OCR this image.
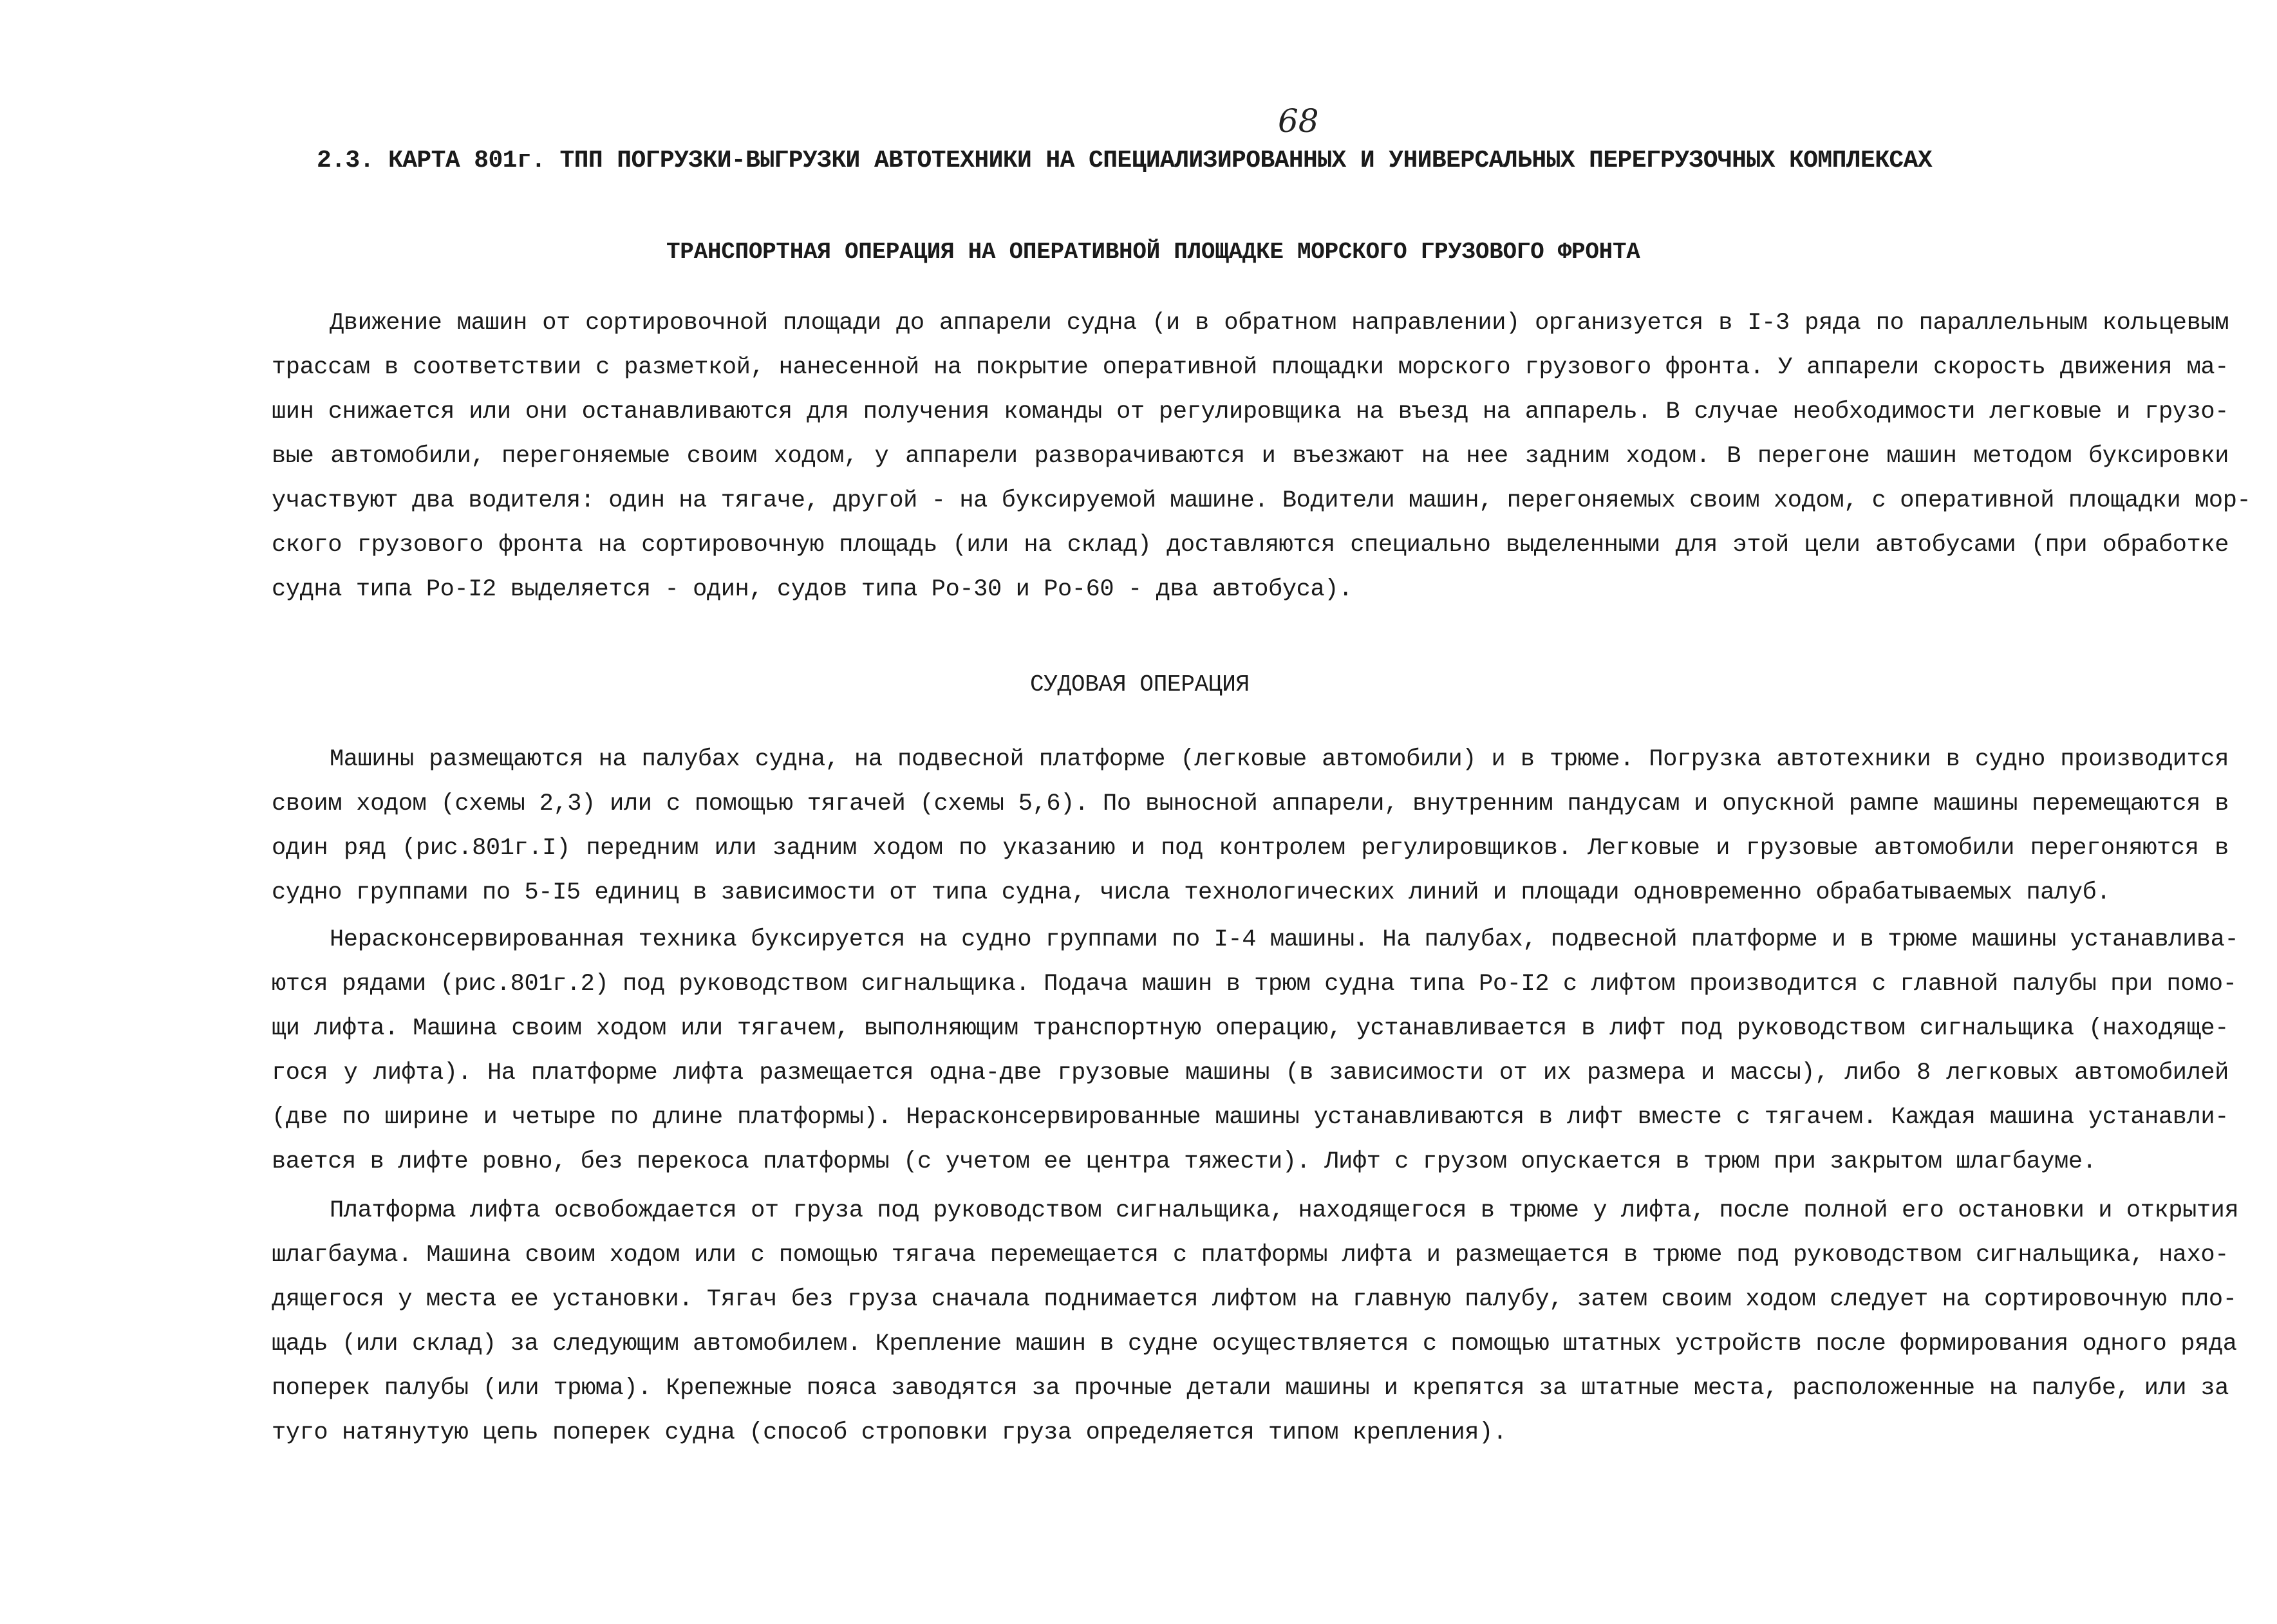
68
2.3. КАРТА 801г. ТПП ПОГРУЗКИ-ВЫГРУЗКИ АВТОТЕХНИКИ НА СПЕЦИАЛИЗИРОВАННЫХ И УНИВЕРСАЛЬНЫХ ПЕРЕГРУЗОЧНЫХ КОМПЛЕКСАХ
ТРАНСПОРТНАЯ ОПЕРАЦИЯ НА ОПЕРАТИВНОЙ ПЛОЩАДКЕ МОРСКОГО ГРУЗОВОГО ФРОНТА
Движение машин от сортировочной площади до аппарели судна (и в обратном направлении) организуется в I-3 ряда по параллельным кольцевым
трассам в соответствии с разметкой, нанесенной на покрытие оперативной площадки морского грузового фронта. У аппарели скорость движения ма-
шин снижается или они останавливаются для получения команды от регулировщика на въезд на аппарель. В случае необходимости легковые и грузо-
вые автомобили, перегоняемые своим ходом, у аппарели разворачиваются и въезжают на нее задним ходом. В перегоне машин методом буксировки
участвуют два водителя: один на тягаче, другой - на буксируемой машине. Водители машин, перегоняемых своим ходом, с оперативной площадки мор-
ского грузового фронта на сортировочную площадь (или на склад) доставляются специально выделенными для этой цели автобусами (при обработке
судна типа Ро-I2 выделяется - один, судов типа Ро-30 и Ро-60 - два автобуса).
СУДОВАЯ ОПЕРАЦИЯ
Машины размещаются на палубах судна, на подвесной платформе (легковые автомобили) и в трюме. Погрузка автотехники в судно производится
своим ходом (схемы 2,3) или с помощью тягачей (схемы 5,6). По выносной аппарели, внутренним пандусам и опускной рампе машины перемещаются в
один ряд (рис.801г.I) передним или задним ходом по указанию и под контролем регулировщиков. Легковые и грузовые автомобили перегоняются в
судно группами по 5-I5 единиц в зависимости от типа судна, числа технологических линий и площади одновременно обрабатываемых палуб.
Нерасконсервированная техника буксируется на судно группами по I-4 машины. На палубах, подвесной платформе и в трюме машины устанавлива-
ются рядами (рис.801г.2) под руководством сигнальщика. Подача машин в трюм судна типа Ро-I2 с лифтом производится с главной палубы при помо-
щи лифта. Машина своим ходом или тягачем, выполняющим транспортную операцию, устанавливается в лифт под руководством сигнальщика (находяще-
гося у лифта). На платформе лифта размещается одна-две грузовые машины (в зависимости от их размера и массы), либо 8 легковых автомобилей
(две по ширине и четыре по длине платформы). Нерасконсервированные машины устанавливаются в лифт вместе с тягачем. Каждая машина устанавли-
вается в лифте ровно, без перекоса платформы (с учетом ее центра тяжести). Лифт с грузом опускается в трюм при закрытом шлагбауме.
Платформа лифта освобождается от груза под руководством сигнальщика, находящегося в трюме у лифта, после полной его остановки и открытия
шлагбаума. Машина своим ходом или с помощью тягача перемещается с платформы лифта и размещается в трюме под руководством сигнальщика, нахо-
дящегося у места ее установки. Тягач без груза сначала поднимается лифтом на главную палубу, затем своим ходом следует на сортировочную пло-
щадь (или склад) за следующим автомобилем. Крепление машин в судне осуществляется с помощью штатных устройств после формирования одного ряда
поперек палубы (или трюма). Крепежные пояса заводятся за прочные детали машины и крепятся за штатные места, расположенные на палубе, или за
туго натянутую цепь поперек судна (способ строповки груза определяется типом крепления).
